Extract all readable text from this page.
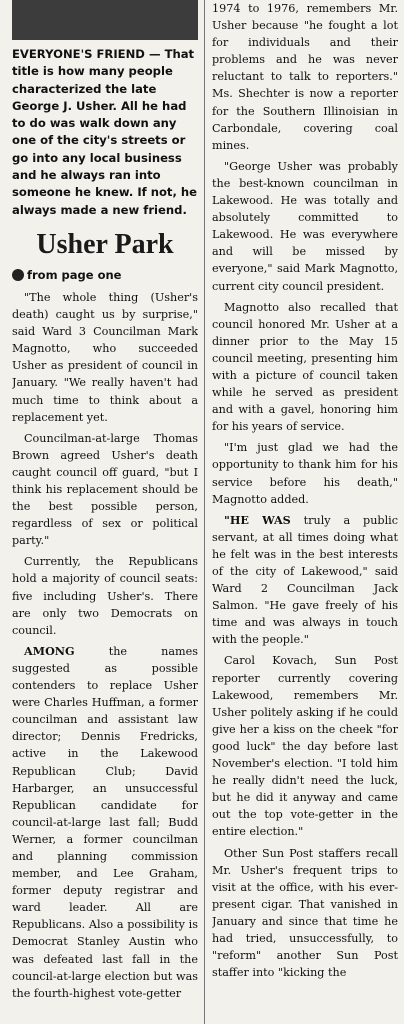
EVERYONE'S FRIEND — That title is how many people characterized the late George J. Usher. All he had to do was walk down any one of the city's streets or go into any local business and he always ran into someone he knew. If not, he always made a new friend.
Usher Park
from page one

"The whole thing (Usher's death) caught us by surprise," said Ward 3 Councilman Mark Magnotto, who succeeded Usher as president of council in January. "We really haven't had much time to think about a replacement yet.

Councilman-at-large Thomas Brown agreed Usher's death caught council off guard, "but I think his replacement should be the best possible person, regardless of sex or political party."

Currently, the Republicans hold a majority of council seats: five including Usher's. There are only two Democrats on council.

AMONG	the names suggested as possible contenders to replace Usher were Charles Huffman, a former councilman and assistant law director; Dennis Fredricks, active in the Lakewood Republican Club; David Harbarger, an unsuccessful Republican candidate for council-at-large last fall; Budd Werner, a former councilman and planning commission member, and Lee Graham, former deputy registrar and ward leader. All are Republicans. Also a possibility is Democrat Stanley Austin who was defeated last fall in the council-at-large election but was the fourth-highest vote-getter

1974 to 1976, remembers Mr. Usher because "he fought a lot for individuals and their problems and he was never reluctant to talk to reporters." Ms. Shechter is now a reporter for the Southern Illinoisian in Carbondale, covering coal mines.

"George Usher was probably the best-known councilman in Lakewood. He was totally and absolutely committed to Lakewood. He was everywhere and will be missed by everyone," said Mark Magnotto, current city council president.

Magnotto also recalled that council honored Mr. Usher at a dinner prior to the May 15 council meeting, presenting him with a picture of council taken while he served as president and with a gavel, honoring him for his years of service.

"I'm just glad we had the opportunity to thank him for his service before his death," Magnotto added.

"HE WAS truly a public servant, at all times doing what he felt was in the best interests of the city of Lakewood," said Ward 2 Councilman Jack Salmon. "He gave freely of his time and was always in touch with the people."

Carol Kovach, Sun Post reporter currently covering Lakewood, remembers Mr. Usher politely asking if he could give her a kiss on the cheek "for good luck" the day before last November's election. "I told him he really didn't need the luck, but he did it anyway and came out the top vote-getter in the entire election."

Other Sun Post staffers recall Mr. Usher's frequent trips to visit at the office, with his ever-present cigar. That vanished in January and since that time he had tried, unsuccessfully, to "reform" another Sun Post staffer into "kicking the
